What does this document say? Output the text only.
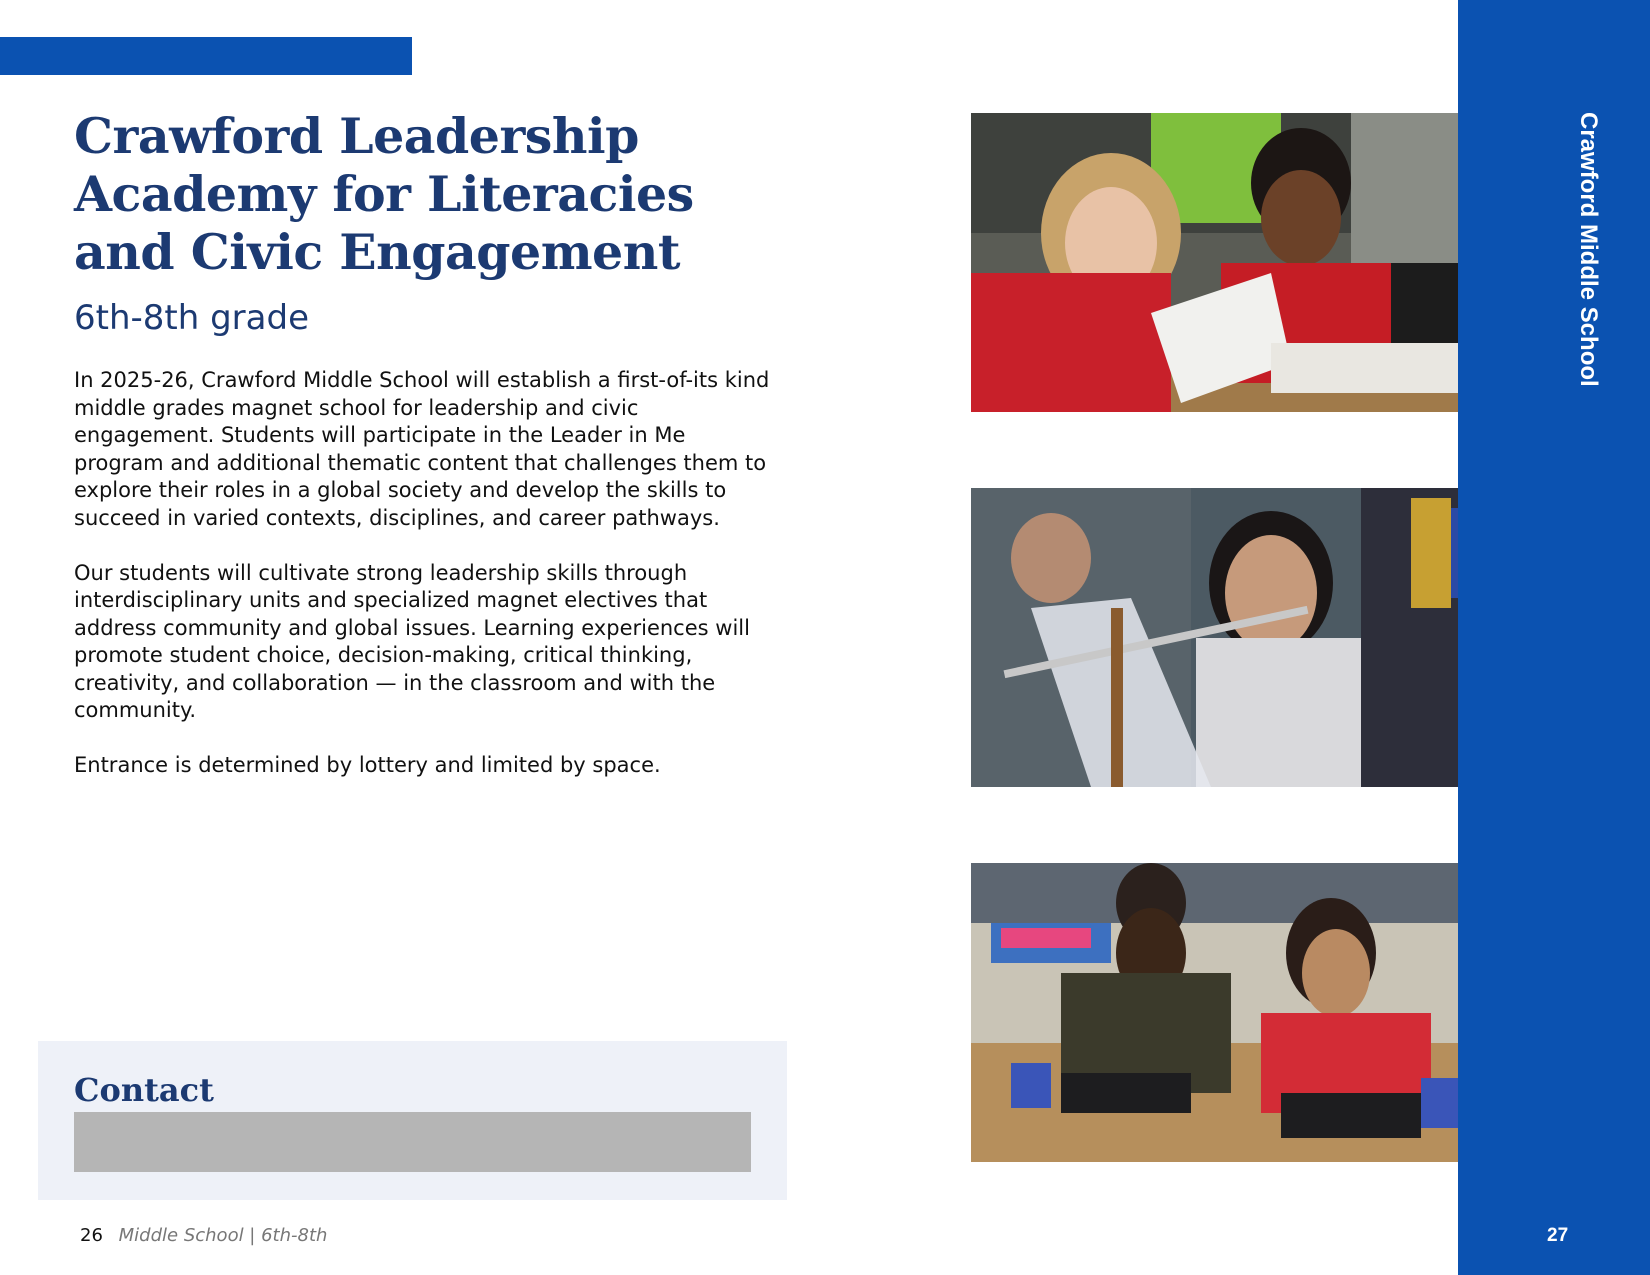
Crawford Leadership
Academy for Literacies
and Civic Engagement
6th-8th grade

In 2025-26, Crawford Middle School will establish a first-of-its kind middle grades magnet school for leadership and civic engagement. Students will participate in the Leader in Me program and additional thematic content that challenges them to explore their roles in a global society and develop the skills to succeed in varied contexts, disciplines, and career pathways.

Our students will cultivate strong leadership skills through interdisciplinary units and specialized magnet electives that address community and global issues. Learning experiences will promote student choice, decision-making, critical thinking, creativity, and collaboration — in the classroom and with the community.

Entrance is determined by lottery and limited by space.

Contact
26 Middle School | 6th-8th
Crawford Middle School
27
